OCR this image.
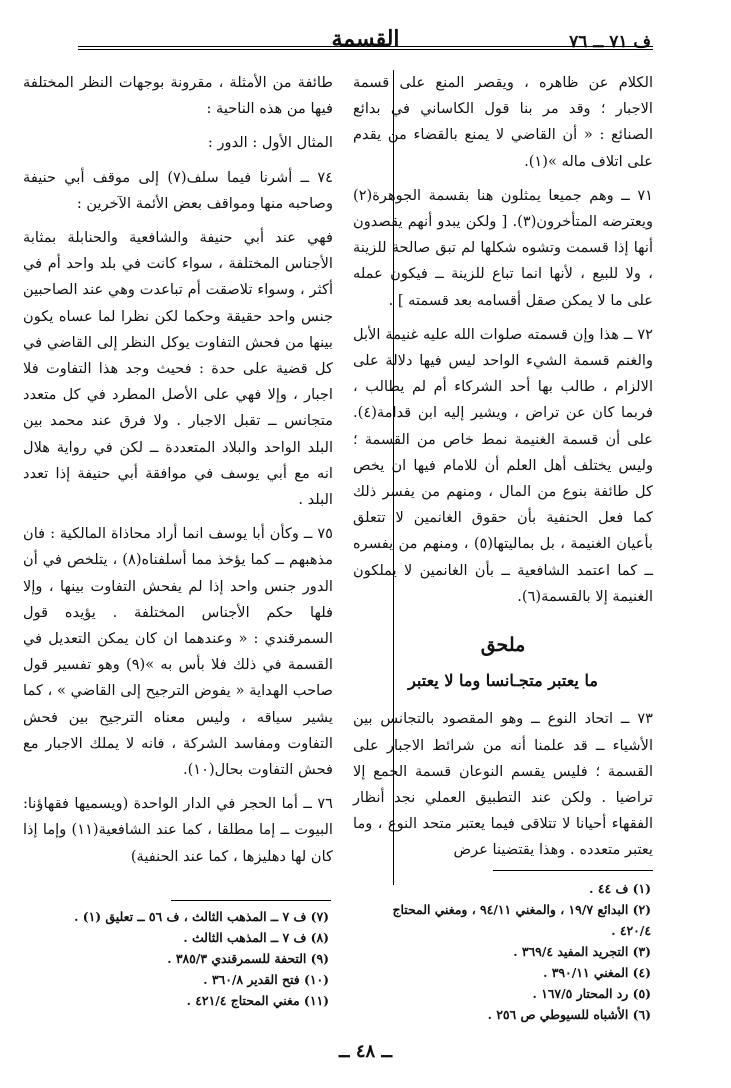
ف ٧١ ــ ٧٦
القسمة

الكلام عن ظاهره ، ويقصر المنع على قسمة الاجبار ؛ وقد مر بنا قول الكاساني في بدائع الصنائع : « أن القاضي لا يمنع بالقضاء من يقدم على اتلاف ماله »(١).

٧١ ــ وهم جميعا يمثلون هنا بقسمة الجوهرة(٢) ويعترضه المتأخرون(٣). [ ولكن يبدو أنهم يقصدون أنها إذا قسمت وتشوه شكلها لم تبق صالحة للزينة ، ولا للبيع ، لأنها انما تباع للزينة ــ فيكون عمله على ما لا يمكن صقل أقسامه بعد قسمته ] .

٧٢ ــ هذا وإن قسمته صلوات الله عليه غنيمة الأبل والغنم قسمة الشيء الواحد ليس فيها دلالة على الالزام ، طالب بها أحد الشركاء أم لم يطالب ، فربما كان عن تراض ، ويشير إليه ابن قدامة(٤). على أن قسمة الغنيمة نمط خاص من القسمة ؛ وليس يختلف أهل العلم أن للامام فيها ان يخص كل طائفة بنوع من المال ، ومنهم من يفسر ذلك كما فعل الحنفية بأن حقوق الغانمين لا تتعلق بأعيان الغنيمة ، بل بماليتها(٥) ، ومنهم من يفسره ــ كما اعتمد الشافعية ــ بأن الغانمين لا يملكون الغنيمة إلا بالقسمة(٦).

ملحق
ما يعتبر متجـانسا وما لا يعتبر

٧٣ ــ اتحاد النوع ــ وهو المقصود بالتجانس بين الأشياء ــ قد علمنا أنه من شرائط الاجبار على القسمة ؛ فليس يقسم النوعان قسمة الجمع إلا تراضيا . ولكن عند التطبيق العملي نجد أنظار الفقهاء أحيانا لا تتلاقى فيما يعتبر متحد النوع ، وما يعتبر متعدده . وهذا يقتضينا عرض

طائفة من الأمثلة ، مقرونة بوجهات النظر المختلفة فيها من هذه الناحية :

المثال الأول : الدور :

٧٤ ــ أشرنا فيما سلف(٧) إلى موقف أبي حنيفة وصاحبه منها ومواقف بعض الأئمة الآخرين :

فهي عند أبي حنيفة والشافعية والحنابلة بمثابة الأجناس المختلفة ، سواء كانت في بلد واحد أم في أكثر ، وسواء تلاصقت أم تباعدت وهي عند الصاحبين جنس واحد حقيقة وحكما لكن نظرا لما عساه يكون بينها من فحش التفاوت يوكل النظر إلى القاضي في كل قضية على حدة : فحيث وجد هذا التفاوت فلا اجبار ، وإلا فهي على الأصل المطرد في كل متعدد متجانس ــ تقبل الاجبار . ولا فرق عند محمد بين البلد الواحد والبلاد المتعددة ــ لكن في رواية هلال انه مع أبي يوسف في موافقة أبي حنيفة إذا تعدد البلد .

٧٥ ــ وكأن أبا يوسف انما أراد محاذاة المالكية : فان مذهبهم ــ كما يؤخذ مما أسلفناه(٨) ، يتلخص في أن الدور جنس واحد إذا لم يفحش التفاوت بينها ، وإلا فلها حكم الأجناس المختلفة . يؤيده قول السمرقندي : « وعندهما ان كان يمكن التعديل في القسمة في ذلك فلا بأس به »(٩) وهو تفسير قول صاحب الهداية « يفوض الترجيح إلى القاضي » ، كما يشير سياقه ، وليس معناه الترجيح بين فحش التفاوت ومفاسد الشركة ، فانه لا يملك الاجبار مع فحش التفاوت بحال(١٠).

٧٦ ــ أما الحجر في الدار الواحدة (ويسميها فقهاؤنا: البيوت ــ إما مطلقا ، كما عند الشافعية(١١) وإما إذا كان لها دهليزها ، كما عند الحنفية)

(١) ف ٤٤ .
(٢) البدائع ١٩/٧ ، والمغني ٩٤/١١ ، ومغني المحتاج
٤٢٠/٤ .
(٣) التجريد المفيد ٣٦٩/٤ .
(٤) المغني ٣٩٠/١١ .
(٥) رد المحتار ١٦٧/٥ .
(٦) الأشباه للسيوطي ص ٢٥٦ .
(٧) ف ٧ ــ المذهب الثالث ، ف ٥٦ ــ تعليق (١) .
(٨) ف ٧ ــ المذهب الثالث .
(٩) التحفة للسمرقندي ٣٨٥/٣ .
(١٠) فتح القدير ٣٦٠/٨ .
(١١) مغني المحتاج ٤٢١/٤ .
ــ ٤٨ ــ
